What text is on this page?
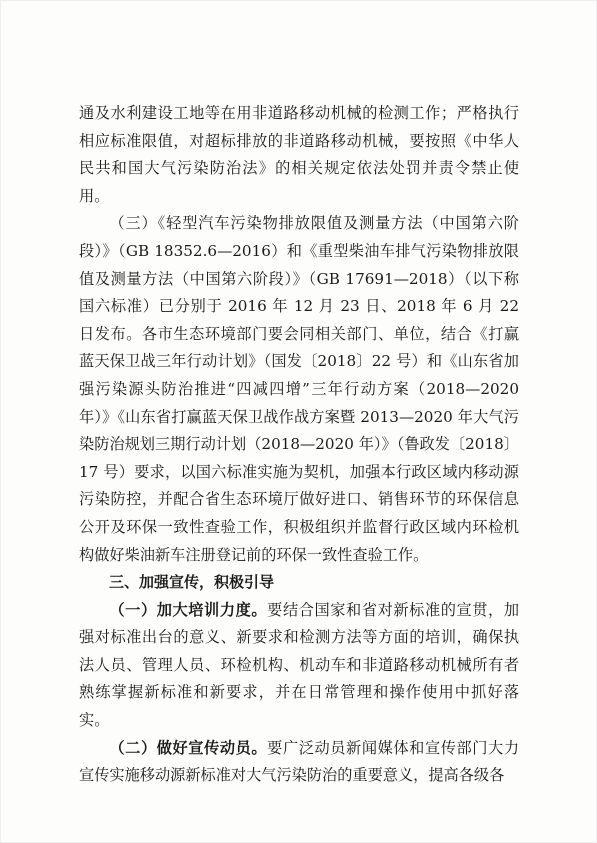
通及水利建设工地等在用非道路移动机械的检测工作；严格执行相应标准限值，对超标排放的非道路移动机械，要按照《中华人民共和国大气污染防治法》的相关规定依法处罚并责令禁止使用。

（三）《轻型汽车污染物排放限值及测量方法（中国第六阶段）》（GB 18352.6—2016）和《重型柴油车排气污染物排放限值及测量方法（中国第六阶段）》（GB 17691—2018）（以下称国六标准）已分别于 2016 年 12 月 23 日、2018 年 6 月 22 日发布。各市生态环境部门要会同相关部门、单位，结合《打赢蓝天保卫战三年行动计划》（国发〔2018〕22 号）和《山东省加强污染源头防治推进“四减四增”三年行动方案（2018—2020 年）》《山东省打赢蓝天保卫战作战方案暨 2013—2020 年大气污染防治规划三期行动计划（2018—2020 年）》（鲁政发〔2018〕17 号）要求，以国六标准实施为契机，加强本行政区域内移动源污染防控，并配合省生态环境厅做好进口、销售环节的环保信息公开及环保一致性查验工作，积极组织并监督行政区域内环检机构做好柴油新车注册登记前的环保一致性查验工作。

三、加强宣传，积极引导

（一）加大培训力度。要结合国家和省对新标准的宣贯，加强对标准出台的意义、新要求和检测方法等方面的培训，确保执法人员、管理人员、环检机构、机动车和非道路移动机械所有者熟练掌握新标准和新要求，并在日常管理和操作使用中抓好落实。

（二）做好宣传动员。要广泛动员新闻媒体和宣传部门大力宣传实施移动源新标准对大气污染防治的重要意义，提高各级各
